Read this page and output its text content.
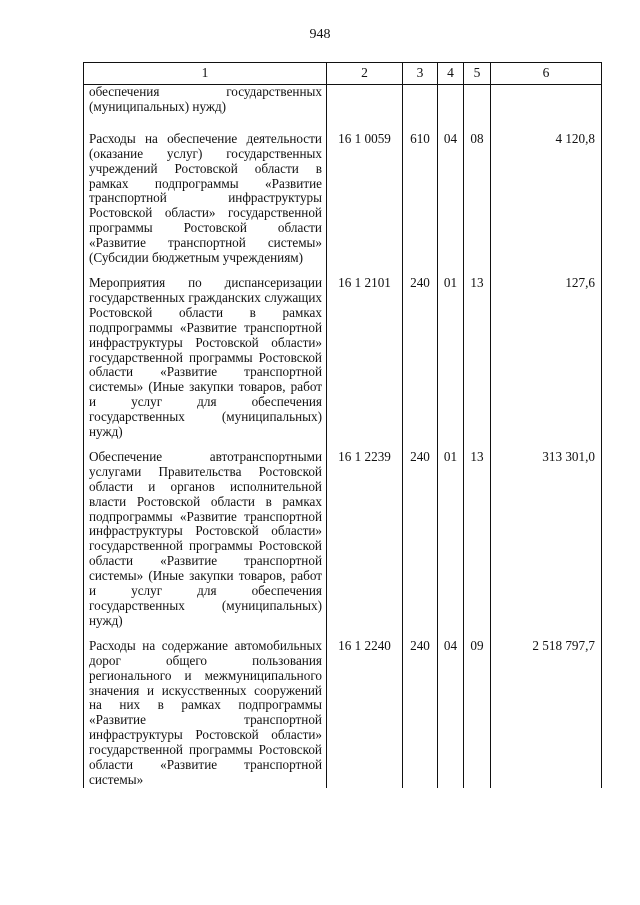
948
1	2	3	4	5	6
обеспечения государственных (муниципальных) нужд)					
Расходы на обеспечение деятельности (оказание услуг) государственных учреждений Ростовской области в рамках подпрограммы «Развитие транспортной инфраструктуры Ростовской области» государственной программы Ростовской области «Развитие транспортной системы» (Субсидии бюджетным учреждениям)	16 1 0059	610	04	08	4 120,8
Мероприятия по диспансеризации государственных гражданских служащих Ростовской области в рамках подпрограммы «Развитие транспортной инфраструктуры Ростовской области» государственной программы Ростовской области «Развитие транспортной системы» (Иные закупки товаров, работ и услуг для обеспечения государственных (муниципальных) нужд)	16 1 2101	240	01	13	127,6
Обеспечение автотранспортными услугами Правительства Ростовской области и органов исполнительной власти Ростовской области в рамках подпрограммы «Развитие транспортной инфраструктуры Ростовской области» государственной программы Ростовской области «Развитие транспортной системы» (Иные закупки товаров, работ и услуг для обеспечения государственных (муниципальных) нужд)	16 1 2239	240	01	13	313 301,0
Расходы на содержание автомобильных дорог общего пользования регионального и межмуниципального значения и искусственных сооружений на них в рамках подпрограммы «Развитие транспортной инфраструктуры Ростовской области» государственной программы Ростовской области «Развитие транспортной системы»	16 1 2240	240	04	09	2 518 797,7
